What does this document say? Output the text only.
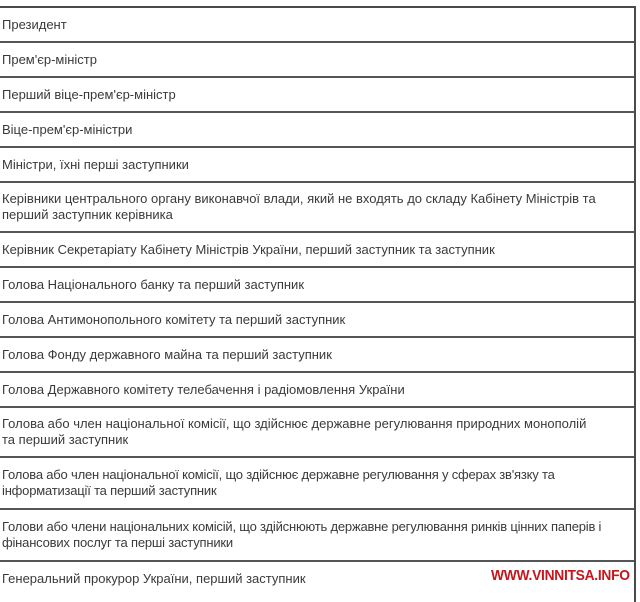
Президент
Прем'єр-міністр
Перший віце-прем'єр-міністр
Віце-прем'єр-міністри
Міністри, їхні перші заступники
Керівники центрального органу виконавчої влади, який не входять до складу Кабінету Міністрів та перший заступник керівника
Керівник Секретаріату Кабінету Міністрів України, перший заступник та заступник
Голова Національного банку та перший заступник
Голова Антимонопольного комітету та перший заступник
Голова Фонду державного майна та перший заступник
Голова Державного комітету телебачення і радіомовлення України
Голова або член національної комісії, що здійснює державне регулювання природних монополій та перший заступник
Голова або член національної комісії, що здійснює державне регулювання у сферах зв'язку та інформатизації та перший заступник
Голови або члени національних комісій, що здійснюють державне регулювання ринків цінних паперів і фінансових послуг та перші заступники
Генеральний прокурор України, перший заступник	WWW.VINNITSA.INFO
